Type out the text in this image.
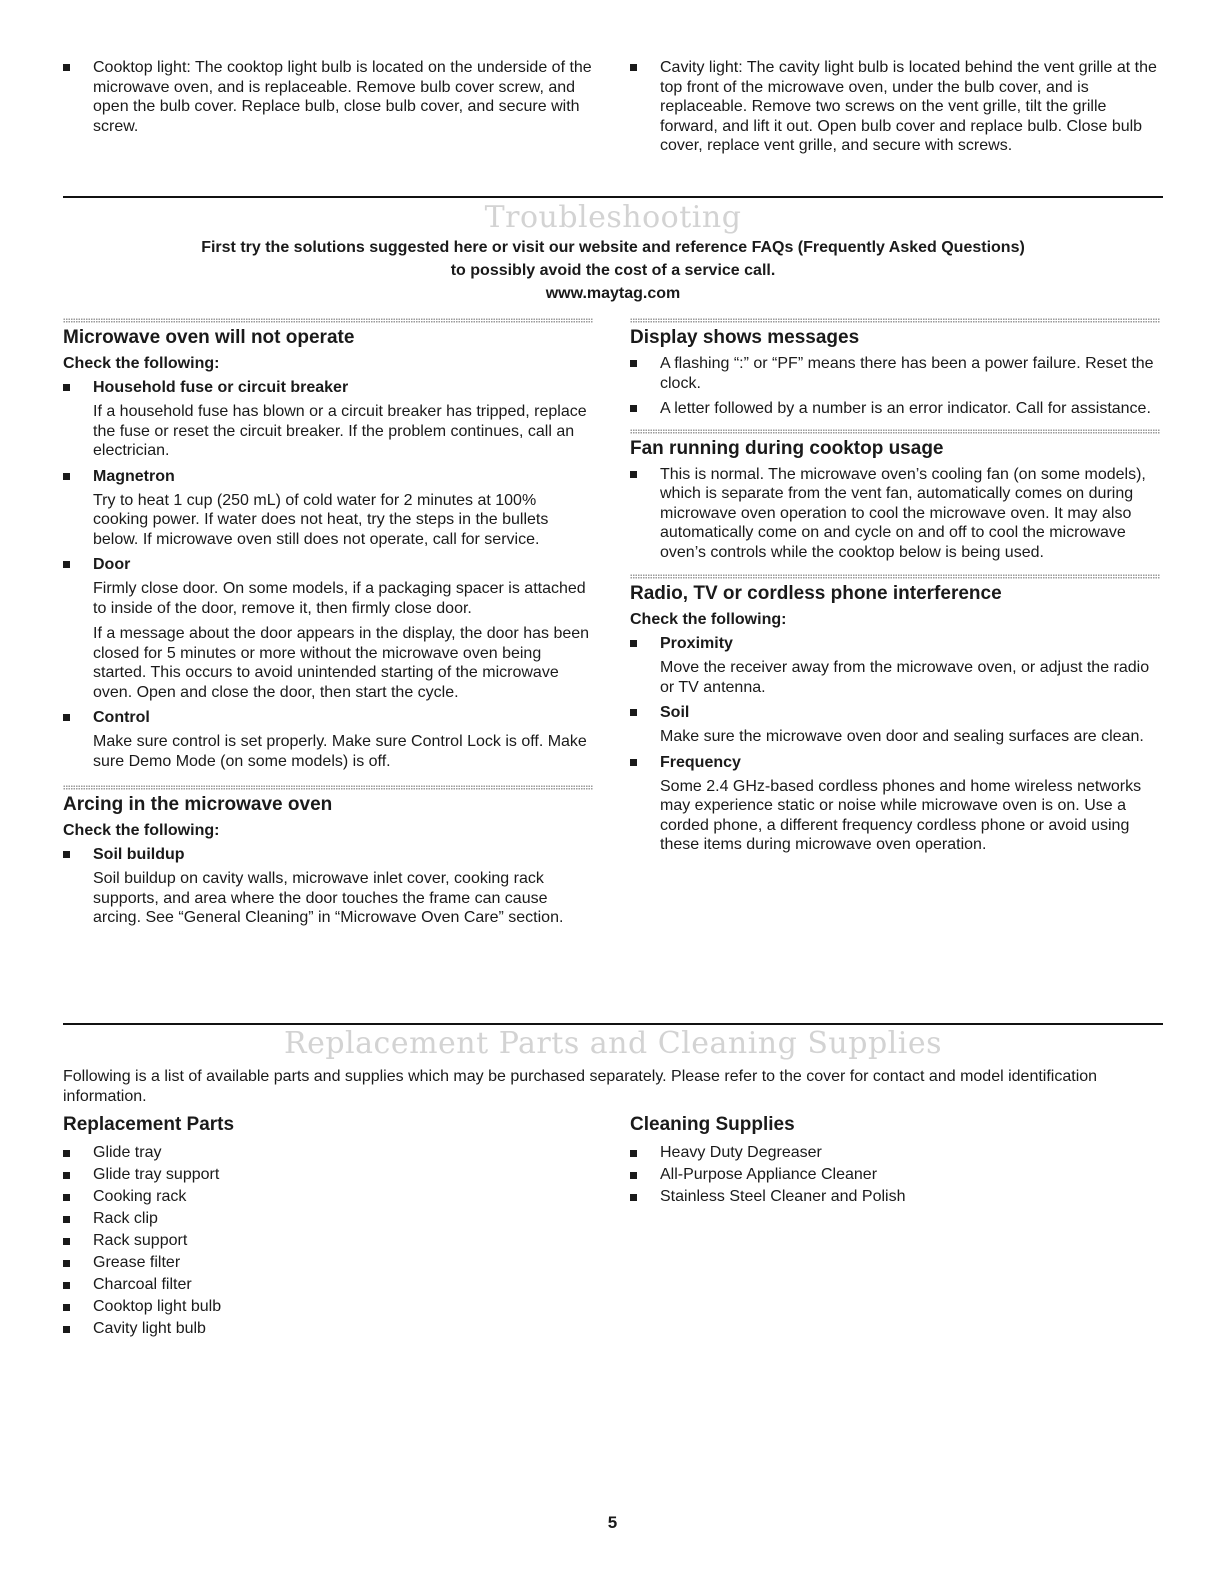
Cooktop light: The cooktop light bulb is located on the underside of the microwave oven, and is replaceable. Remove bulb cover screw, and open the bulb cover. Replace bulb, close bulb cover, and secure with screw.
Cavity light: The cavity light bulb is located behind the vent grille at the top front of the microwave oven, under the bulb cover, and is replaceable. Remove two screws on the vent grille, tilt the grille forward, and lift it out. Open bulb cover and replace bulb. Close bulb cover, replace vent grille, and secure with screws.
Troubleshooting
First try the solutions suggested here or visit our website and reference FAQs (Frequently Asked Questions)
to possibly avoid the cost of a service call.
www.maytag.com
Microwave oven will not operate
Check the following:
Household fuse or circuit breaker
If a household fuse has blown or a circuit breaker has tripped, replace the fuse or reset the circuit breaker. If the problem continues, call an electrician.
Magnetron
Try to heat 1 cup (250 mL) of cold water for 2 minutes at 100% cooking power. If water does not heat, try the steps in the bullets below. If microwave oven still does not operate, call for service.
Door
Firmly close door. On some models, if a packaging spacer is attached to inside of the door, remove it, then firmly close door.
If a message about the door appears in the display, the door has been closed for 5 minutes or more without the microwave oven being started. This occurs to avoid unintended starting of the microwave oven. Open and close the door, then start the cycle.
Control
Make sure control is set properly. Make sure Control Lock is off. Make sure Demo Mode (on some models) is off.
Arcing in the microwave oven
Check the following:
Soil buildup
Soil buildup on cavity walls, microwave inlet cover, cooking rack supports, and area where the door touches the frame can cause arcing. See “General Cleaning” in “Microwave Oven Care” section.
Display shows messages
A flashing “:” or “PF” means there has been a power failure. Reset the clock.
A letter followed by a number is an error indicator. Call for assistance.
Fan running during cooktop usage
This is normal. The microwave oven’s cooling fan (on some models), which is separate from the vent fan, automatically comes on during microwave oven operation to cool the microwave oven. It may also automatically come on and cycle on and off to cool the microwave oven’s controls while the cooktop below is being used.
Radio, TV or cordless phone interference
Check the following:
Proximity
Move the receiver away from the microwave oven, or adjust the radio or TV antenna.
Soil
Make sure the microwave oven door and sealing surfaces are clean.
Frequency
Some 2.4 GHz-based cordless phones and home wireless networks may experience static or noise while microwave oven is on. Use a corded phone, a different frequency cordless phone or avoid using these items during microwave oven operation.
Replacement Parts and Cleaning Supplies
Following is a list of available parts and supplies which may be purchased separately. Please refer to the cover for contact and model identification information.
Replacement Parts
Glide tray
Glide tray support
Cooking rack
Rack clip
Rack support
Grease filter
Charcoal filter
Cooktop light bulb
Cavity light bulb
Cleaning Supplies
Heavy Duty Degreaser
All-Purpose Appliance Cleaner
Stainless Steel Cleaner and Polish
5
